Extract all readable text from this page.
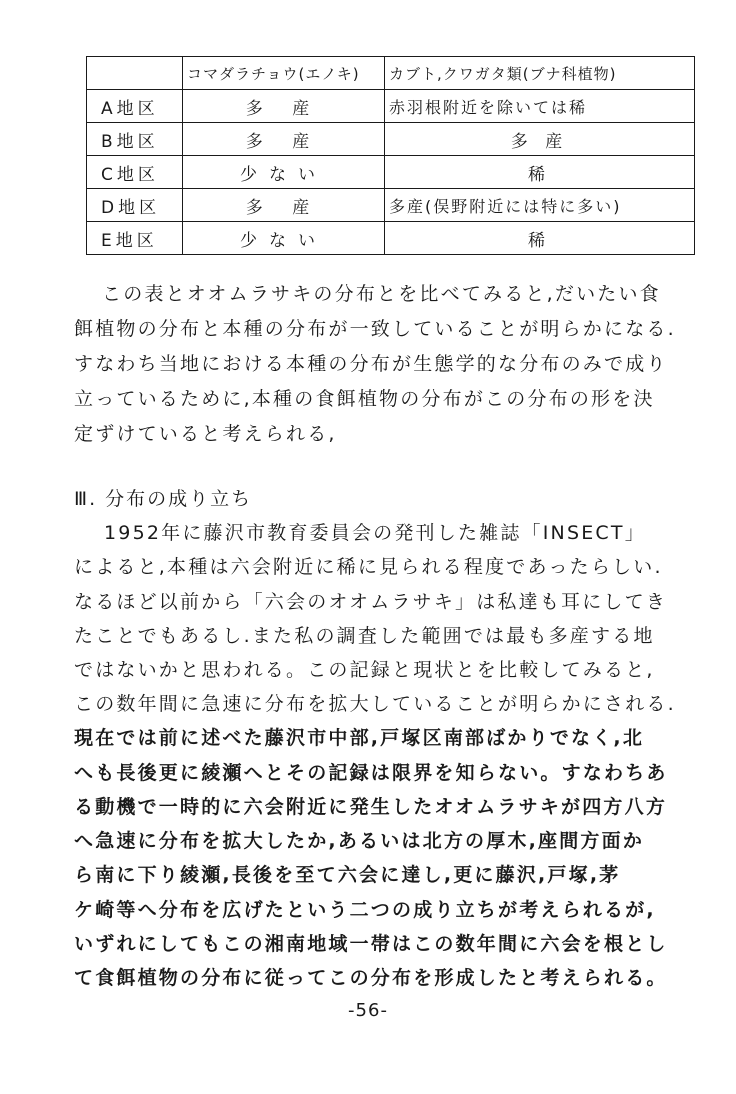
	コマダラチョウ(エノキ)	カブト,クワガタ類(ブナ科植物)
A地区	多 産	赤羽根附近を除いては稀
B地区	多 産	多 産
C地区	少ない	稀
D地区	多 産	多産(俣野附近には特に多い)
E地区	少ない	稀
この表とオオムラサキの分布とを比べてみると,だいたい食
餌植物の分布と本種の分布が一致していることが明らかになる.
すなわち当地における本種の分布が生態学的な分布のみで成り
立っているために,本種の食餌植物の分布がこの分布の形を決
定ずけていると考えられる,
Ⅲ. 分布の成り立ち
1952年に藤沢市教育委員会の発刊した雑誌「INSECT」
によると,本種は六会附近に稀に見られる程度であったらしい.
なるほど以前から「六会のオオムラサキ」は私達も耳にしてき
たことでもあるし.また私の調査した範囲では最も多産する地
ではないかと思われる。この記録と現状とを比較してみると,
この数年間に急速に分布を拡大していることが明らかにされる.
現在では前に述べた藤沢市中部,戸塚区南部ばかりでなく,北
へも長後更に綾瀬へとその記録は限界を知らない。すなわちあ
る動機で一時的に六会附近に発生したオオムラサキが四方八方
へ急速に分布を拡大したか,あるいは北方の厚木,座間方面か
ら南に下り綾瀬,長後を至て六会に達し,更に藤沢,戸塚,茅
ケ崎等へ分布を広げたという二つの成り立ちが考えられるが,
いずれにしてもこの湘南地域一帯はこの数年間に六会を根とし
て食餌植物の分布に従ってこの分布を形成したと考えられる。
-56-
